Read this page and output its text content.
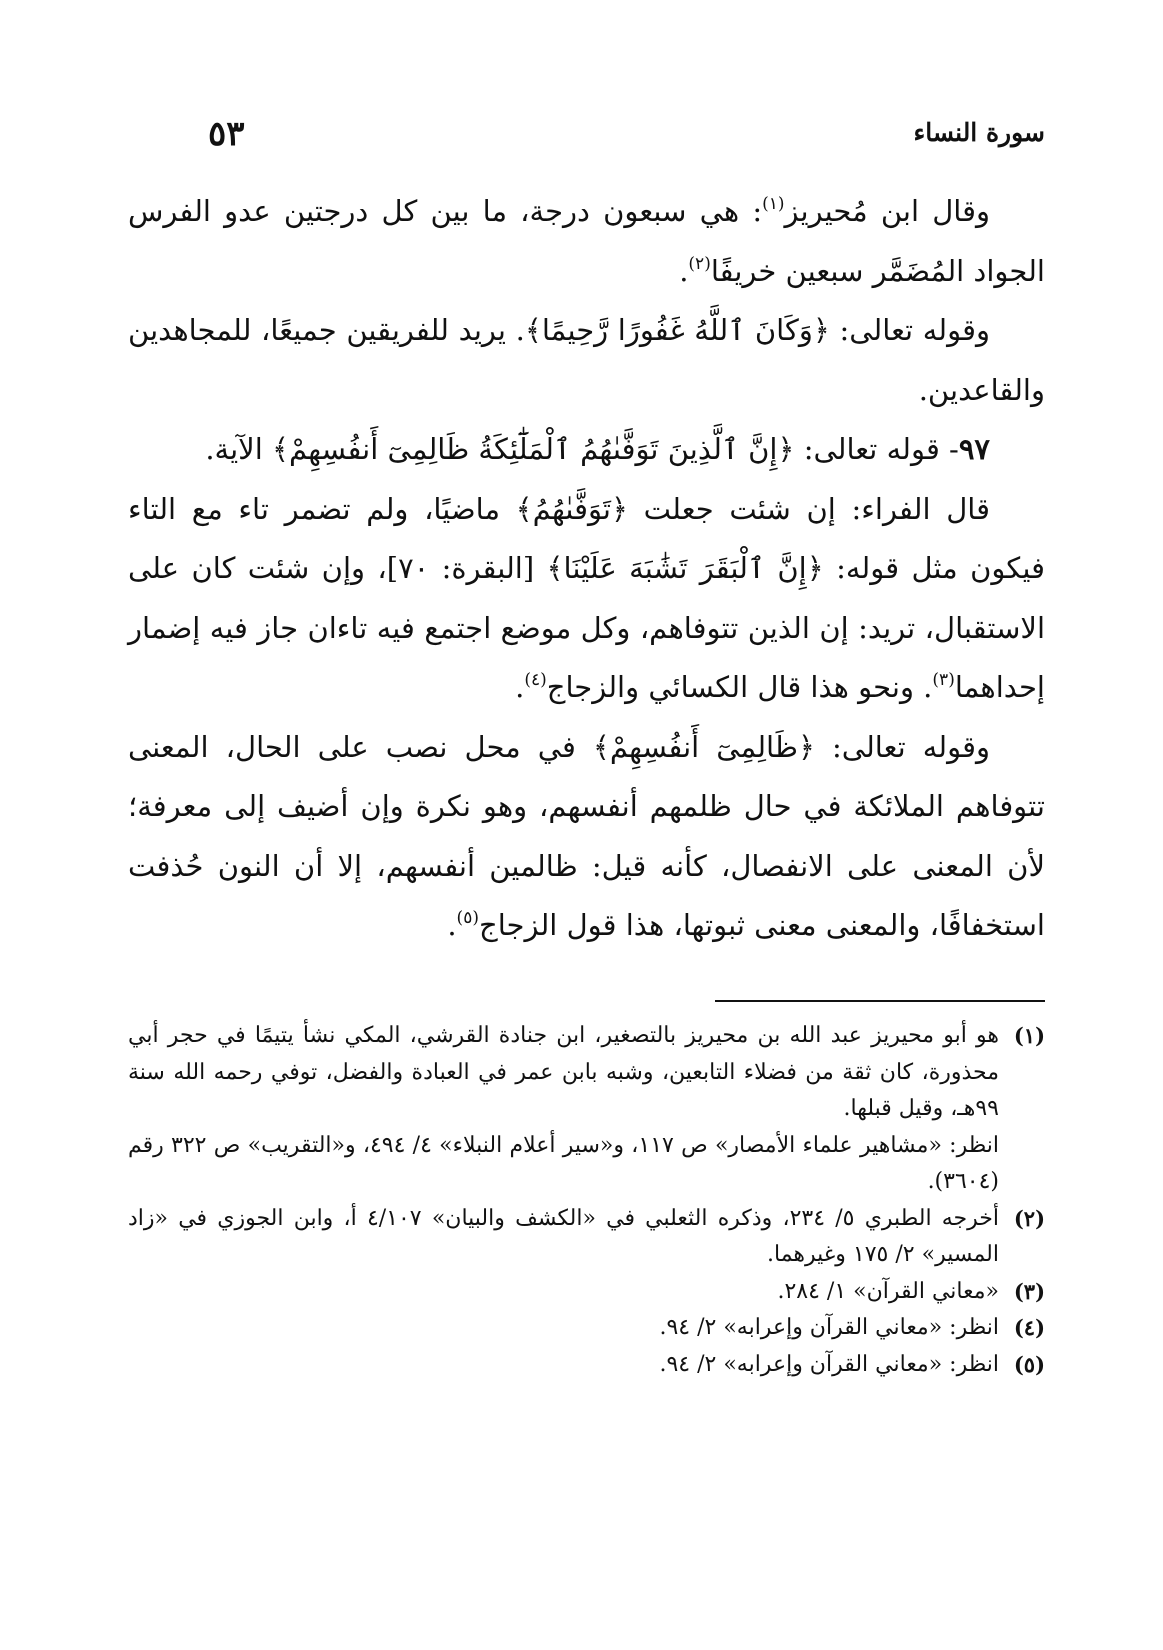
سورة النساء
٥٣

وقال ابن مُحيريز$^{(١)}$: هي سبعون درجة، ما بين كل درجتين عدو الفرس الجواد المُضَمَّر سبعين خريفًا$^{(٢)}$.

وقوله تعالى: ﴿وَكَانَ ٱللَّهُ غَفُورًا رَّحِيمًا﴾. يريد للفريقين جميعًا، للمجاهدين والقاعدين.

٩٧- قوله تعالى: ﴿إِنَّ ٱلَّذِينَ تَوَفَّىٰهُمُ ٱلْمَلَٰٓئِكَةُ ظَالِمِىٓ أَنفُسِهِمْ﴾ الآية.

قال الفراء: إن شئت جعلت ﴿تَوَفَّىٰهُمُ﴾ ماضيًا، ولم تضمر تاء مع التاء فيكون مثل قوله: ﴿إِنَّ ٱلْبَقَرَ تَشَٰبَهَ عَلَيْنَا﴾ [البقرة: ٧٠]، وإن شئت كان على الاستقبال، تريد: إن الذين تتوفاهم، وكل موضع اجتمع فيه تاءان جاز فيه إضمار إحداهما$^{(٣)}$. ونحو هذا قال الكسائي والزجاج$^{(٤)}$.

وقوله تعالى: ﴿ظَالِمِىٓ أَنفُسِهِمْ﴾ في محل نصب على الحال، المعنى تتوفاهم الملائكة في حال ظلمهم أنفسهم، وهو نكرة وإن أضيف إلى معرفة؛ لأن المعنى على الانفصال، كأنه قيل: ظالمين أنفسهم، إلا أن النون حُذفت استخفافًا، والمعنى معنى ثبوتها، هذا قول الزجاج$^{(٥)}$.

(١)
هو أبو محيريز عبد الله بن محيريز بالتصغير، ابن جنادة القرشي، المكي نشأ يتيمًا في حجر أبي محذورة، كان ثقة من فضلاء التابعين، وشبه بابن عمر في العبادة والفضل، توفي رحمه الله سنة ٩٩هـ، وقيل قبلها.
انظر: «مشاهير علماء الأمصار» ص ١١٧، و«سير أعلام النبلاء» ٤/ ٤٩٤، و«التقريب» ص ٣٢٢ رقم (٣٦٠٤).
(٢)
أخرجه الطبري ٥/ ٢٣٤، وذكره الثعلبي في «الكشف والبيان» ٤/١٠٧ أ، وابن الجوزي في «زاد المسير» ٢/ ١٧٥ وغيرهما.
(٣)
«معاني القرآن» ١/ ٢٨٤.
(٤)
انظر: «معاني القرآن وإعرابه» ٢/ ٩٤.
(٥)
انظر: «معاني القرآن وإعرابه» ٢/ ٩٤.
